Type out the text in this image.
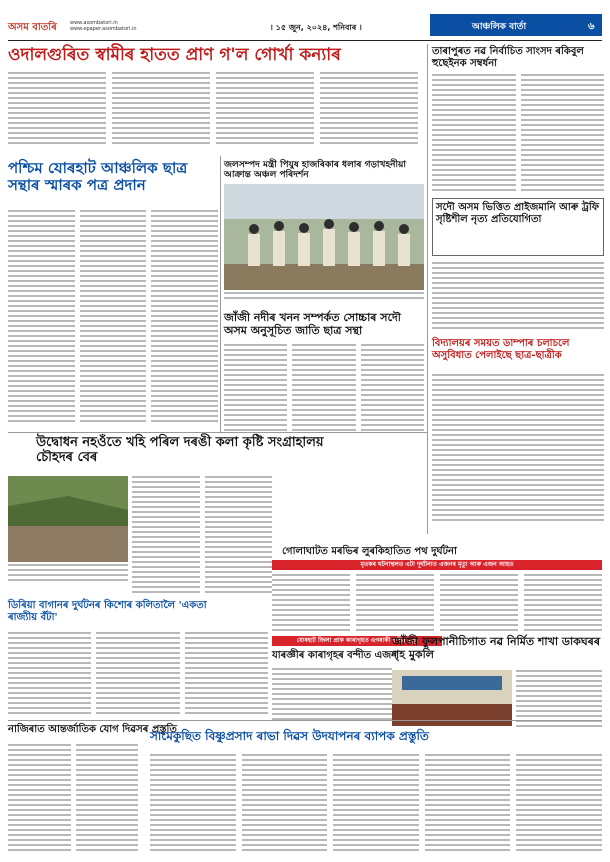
অসম বাতৰি	www.asombatori.in
www.epaper.asombatori.in	। ১৫ জুন, ২০২৪, শনিবাৰ ।	আঞ্চলিক বাৰ্তা	৬
ওদালগুৰিত স্বামীৰ হাতত প্ৰাণ গ'ল গোৰ্খা কন্যাৰ
পশ্চিম যোৰহাট আঞ্চলিক ছাত্ৰ সন্থাৰ স্মাৰক পত্ৰ প্ৰদান
জলসম্পদ মন্ত্ৰী পিযুষ হাজৰিকাৰ ধলাৰ গড়াখহনীয়া আক্ৰান্ত অঞ্চল পৰিদৰ্শন
জাঁজী নদীৰ খনন সম্পৰ্কত সোচ্চাৰ সদৌ অসম অনুসূচিত জাতি ছাত্ৰ সন্থা
উদ্বোধন নহওঁতে খহি পৰিল দৰঙী কলা কৃষ্টি সংগ্ৰাহালয় চৌহদৰ বেৰ
তাৰাপুৰত নৱ নিৰ্বাচিত সাংসদ ৰকিবুল হুছেইনক সম্বৰ্ধনা
সদৌ অসম ভিত্তিত প্ৰাইজমানি আৰু ট্ৰফি সৃষ্টিশীল নৃত্য প্ৰতিযোগিতা
বিদ্যালয়ৰ সময়ত ডাম্পাৰ চলাচলে অসুবিধাত পেলাইছে ছাত্ৰ-ছাত্ৰীক
গোলাঘাটত মৰভিৰ লুৰকিহাতিত পথ দুৰ্ঘটনা
মৃতকৰ ঘটনাস্থলত এটা দূৰ্ঘটনাত এজনৰ মৃত্যু আৰু এজন আহত
ডিৰিয়া বাগানৰ দুৰ্ঘটনৰ কিশোৰ কলিতালৈ 'একতা ৰাজ্যীয় বঁটা'
যোৰহাট জিলা প্ৰাক কাৰাগৃহত এগৰাকী বন্দীৰ মৃত্যু
যাৰজ্ঞীৰ কাৰাগৃহৰ বন্দীত এজন
জাঁজী ফুলপানীচিগাত নৱ নিৰ্মিত শাখা ডাকঘৰৰ গৃহ মুকলি
নাজিৰাত আন্তৰ্জাতিক যোগ দিৱসৰ প্ৰস্তুতি
সামেকুছিত বিষ্ণুপ্ৰসাদ ৰাভা দিৱস উদযাপনৰ ব্যাপক প্ৰস্তুতি
